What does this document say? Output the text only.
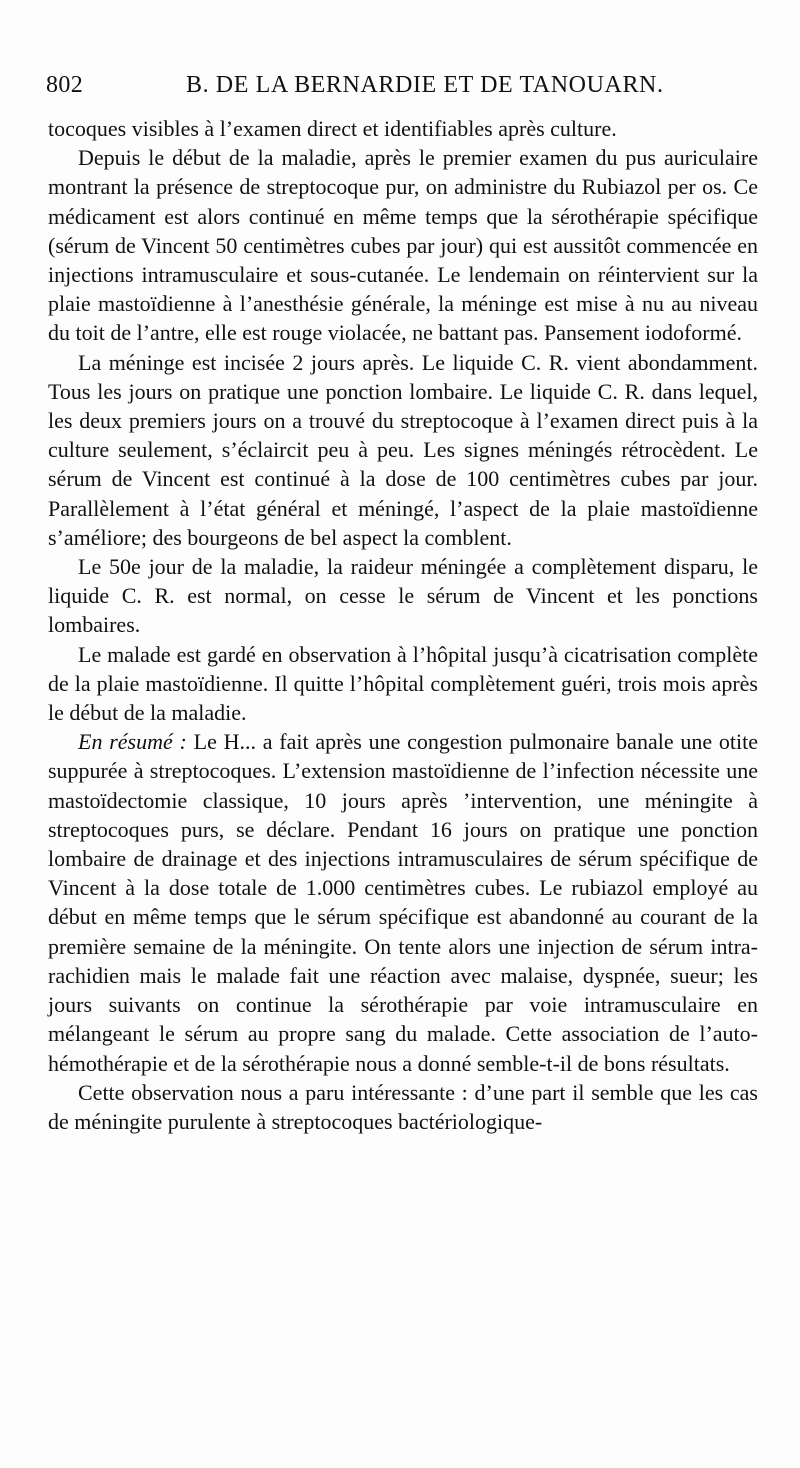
802	B. DE LA BERNARDIE ET DE TANOUARN.

tocoques visibles à l’examen direct et identifiables après culture.

Depuis le début de la maladie, après le premier examen du pus auriculaire montrant la présence de streptocoque pur, on administre du Rubiazol per os. Ce médicament est alors continué en même temps que la sérothérapie spécifique (sérum de Vincent 50 centimètres cubes par jour) qui est aussitôt commencée en injections intramusculaire et sous-cutanée. Le lendemain on réintervient sur la plaie mastoïdienne à l’anesthésie générale, la méninge est mise à nu au niveau du toit de l’antre, elle est rouge violacée, ne battant pas. Pansement iodoformé.

La méninge est incisée 2 jours après. Le liquide C. R. vient abondamment. Tous les jours on pratique une ponction lombaire. Le liquide C. R. dans lequel, les deux premiers jours on a trouvé du streptocoque à l’examen direct puis à la culture seulement, s’éclaircit peu à peu. Les signes méningés rétrocèdent. Le sérum de Vincent est continué à la dose de 100 centimètres cubes par jour. Parallèlement à l’état général et méningé, l’aspect de la plaie mastoïdienne s’améliore; des bourgeons de bel aspect la comblent.

Le 50e jour de la maladie, la raideur méningée a complètement disparu, le liquide C. R. est normal, on cesse le sérum de Vincent et les ponctions lombaires.

Le malade est gardé en observation à l’hôpital jusqu’à cicatrisation complète de la plaie mastoïdienne. Il quitte l’hôpital complètement guéri, trois mois après le début de la maladie.

En résumé : Le H... a fait après une congestion pulmonaire banale une otite suppurée à streptocoques. L’extension mastoïdienne de l’infection nécessite une mastoïdectomie classique, 10 jours après ’intervention, une méningite à streptocoques purs, se déclare. Pendant 16 jours on pratique une ponction lombaire de drainage et des injections intramusculaires de sérum spécifique de Vincent à la dose totale de 1.000 centimètres cubes. Le rubiazol employé au début en même temps que le sérum spécifique est abandonné au courant de la première semaine de la méningite. On tente alors une injection de sérum intra-rachidien mais le malade fait une réaction avec malaise, dyspnée, sueur; les jours suivants on continue la sérothérapie par voie intramusculaire en mélangeant le sérum au propre sang du malade. Cette association de l’auto-hémothérapie et de la sérothérapie nous a donné semble-t-il de bons résultats.

Cette observation nous a paru intéressante : d’une part il semble que les cas de méningite purulente à streptocoques bactériologique-
